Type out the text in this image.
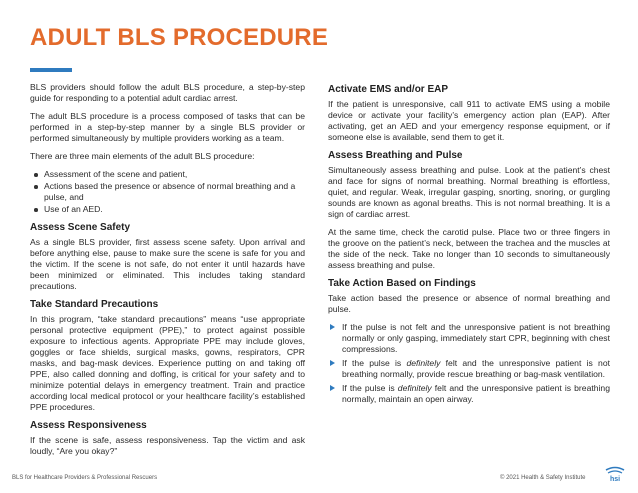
ADULT BLS PROCEDURE

BLS providers should follow the adult BLS procedure, a step-by-step guide for responding to a potential adult cardiac arrest.

The adult BLS procedure is a process composed of tasks that can be performed in a step-by-step manner by a single BLS provider or performed simultaneously by multiple providers working as a team.

There are three main elements of the adult BLS procedure:

Assessment of the scene and patient,
Actions based the presence or absence of normal breathing and a pulse, and
Use of an AED.
Assess Scene Safety

As a single BLS provider, first assess scene safety. Upon arrival and before anything else, pause to make sure the scene is safe for you and the victim. If the scene is not safe, do not enter it until hazards have been minimized or eliminated. This includes taking standard precautions.

Take Standard Precautions

In this program, “take standard precautions” means “use appropriate personal protective equipment (PPE),” to protect against possible exposure to infectious agents. Appropriate PPE may include gloves, goggles or face shields, surgical masks, gowns, respirators, CPR masks, and bag-mask devices. Experience putting on and taking off PPE, also called donning and doffing, is critical for your safety and to minimize potential delays in emergency treatment. Train and practice according local medical protocol or your healthcare facility’s established PPE procedures.

Assess Responsiveness

If the scene is safe, assess responsiveness. Tap the victim and ask loudly, “Are you okay?”

Activate EMS and/or EAP

If the patient is unresponsive, call 911 to activate EMS using a mobile device or activate your facility’s emergency action plan (EAP). After activating, get an AED and your emergency response equipment, or if someone else is available, send them to get it.

Assess Breathing and Pulse

Simultaneously assess breathing and pulse. Look at the patient’s chest and face for signs of normal breathing. Normal breathing is effortless, quiet, and regular. Weak, irregular gasping, snorting, snoring, or gurgling sounds are known as agonal breaths. This is not normal breathing. It is a sign of cardiac arrest.

At the same time, check the carotid pulse. Place two or three fingers in the groove on the patient’s neck, between the trachea and the muscles at the side of the neck. Take no longer than 10 seconds to simultaneously assess breathing and pulse.

Take Action Based on Findings

Take action based the presence or absence of normal breathing and pulse.

If the pulse is not felt and the unresponsive patient is not breathing normally or only gasping, immediately start CPR, beginning with chest compressions.
If the pulse is definitely felt and the unresponsive patient is not breathing normally, provide rescue breathing or bag-mask ventilation.
If the pulse is definitely felt and the unresponsive patient is breathing normally, maintain an open airway.
BLS for Healthcare Providers & Professional Rescuers	© 2021 Health & Safety Institute	hsi
